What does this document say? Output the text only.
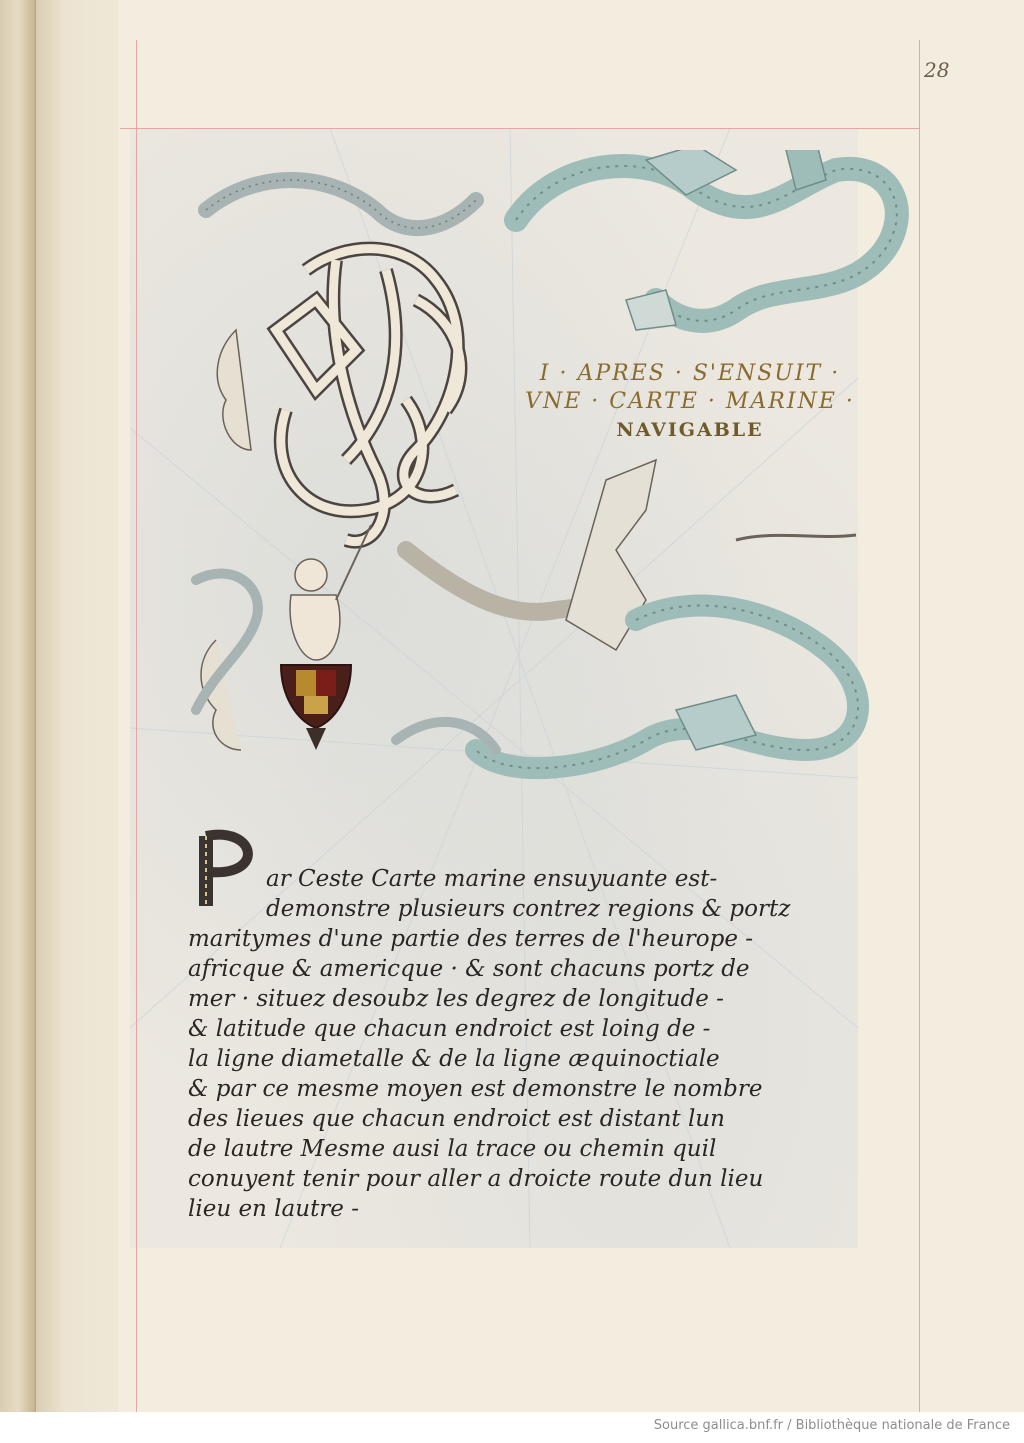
28
I · APRES · S'ENSUIT ·
VNE · CARTE · MARINE ·
NAVIGABLE
ar Ceste Carte marine ensuyuante est-
demonstre plusieurs contrez regions & portz
maritymes d'une partie des terres de l'heurope -
africque & americque · & sont chacuns portz de
mer · situez desoubz les degrez de longitude -
& latitude que chacun endroict est loing de -
la ligne diametalle & de la ligne æquinoctiale
& par ce mesme moyen est demonstre le nombre
des lieues que chacun endroict est distant lun
de lautre Mesme ausi la trace ou chemin quil
conuyent tenir pour aller a droicte route dun lieu
lieu en lautre -
Source gallica.bnf.fr / Bibliothèque nationale de France
